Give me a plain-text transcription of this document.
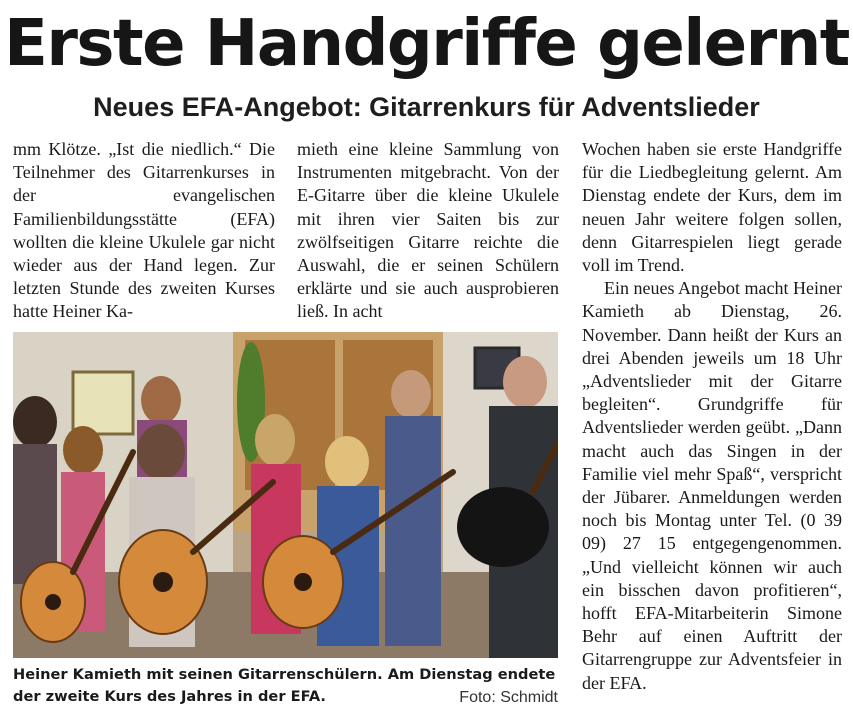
Erste Handgriffe gelernt
Neues EFA-Angebot: Gitarrenkurs für Adventslieder

mm Klötze. „Ist die niedlich.“ Die Teilnehmer des Gitarrenkurses in der evangelischen Familienbildungsstätte (EFA) wollten die kleine Ukulele gar nicht wieder aus der Hand legen. Zur letzten Stunde des zweiten Kurses hatte Heiner Ka-

mieth eine kleine Sammlung von Instrumenten mitgebracht. Von der E-Gitarre über die kleine Ukulele mit ihren vier Saiten bis zur zwölfseitigen Gitarre reichte die Auswahl, die er seinen Schülern erklärte und sie auch ausprobieren ließ. In acht

Wochen haben sie erste Handgriffe für die Liedbegleitung gelernt. Am Dienstag endete der Kurs, dem im neuen Jahr weitere folgen sollen, denn Gitarrespielen liegt gerade voll im Trend.

Ein neues Angebot macht Heiner Kamieth ab Dienstag, 26. November. Dann heißt der Kurs an drei Abenden jeweils um 18 Uhr „Adventslieder mit der Gitarre begleiten“. Grundgriffe für Adventslieder werden geübt. „Dann macht auch das Singen in der Familie viel mehr Spaß“, verspricht der Jübarer. Anmeldungen werden noch bis Montag unter Tel. (0 39 09) 27 15 entgegengenommen. „Und vielleicht können wir auch ein bisschen davon profitieren“, hofft EFA-Mitarbeiterin Simone Behr auf einen Auftritt der Gitarrengruppe zur Adventsfeier in der EFA.

Heiner Kamieth mit seinen Gitarrenschülern. Am Dienstag endete der zweite Kurs des Jahres in der EFA.	Foto: Schmidt
